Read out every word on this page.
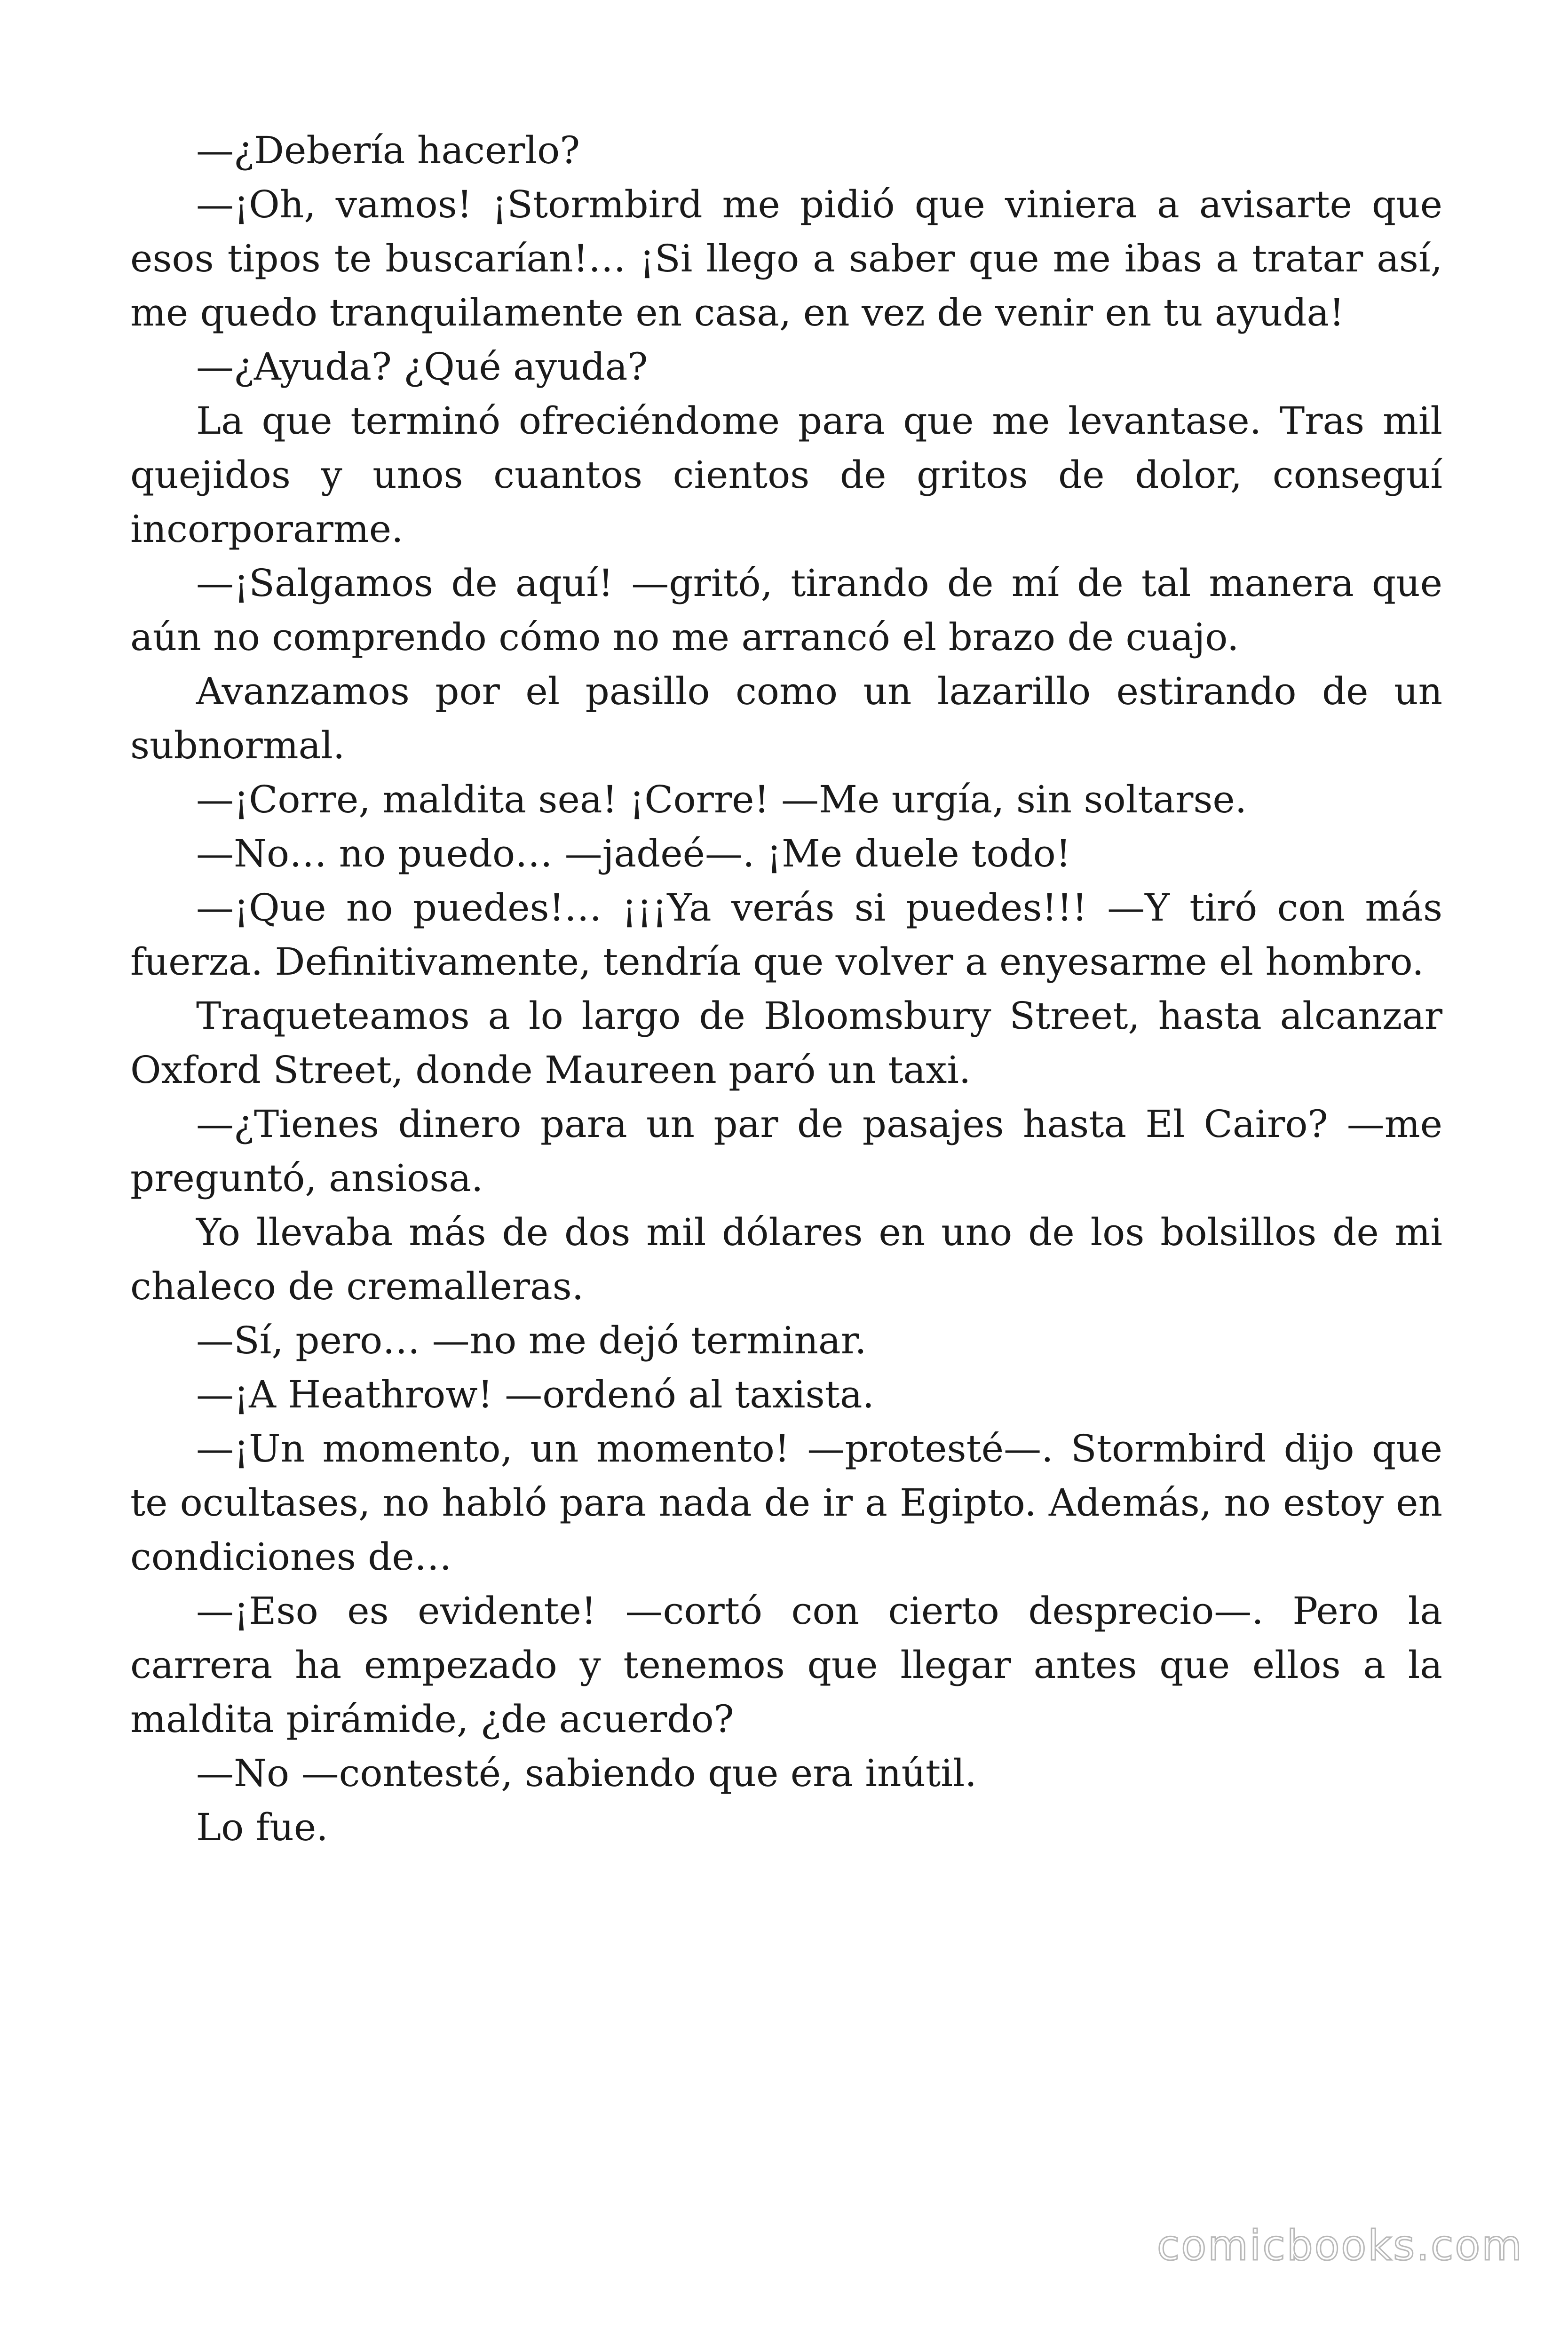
—¿Debería hacerlo?

—¡Oh, vamos! ¡Stormbird me pidió que viniera a avisarte que esos tipos te buscarían!… ¡Si llego a saber que me ibas a tratar así, me quedo tranquilamente en casa, en vez de venir en tu ayuda!

—¿Ayuda? ¿Qué ayuda?

La que terminó ofreciéndome para que me levantase. Tras mil quejidos y unos cuantos cientos de gritos de dolor, conseguí incorporarme.

—¡Salgamos de aquí! —gritó, tirando de mí de tal manera que aún no comprendo cómo no me arrancó el brazo de cuajo.

Avanzamos por el pasillo como un lazarillo estirando de un subnormal.

—¡Corre, maldita sea! ¡Corre! —Me urgía, sin soltarse.

—No… no puedo… —jadeé—. ¡Me duele todo!

—¡Que no puedes!… ¡¡¡Ya verás si puedes!!! —Y tiró con más fuerza. Definitivamente, tendría que volver a enyesarme el hombro.

Traqueteamos a lo largo de Bloomsbury Street, hasta alcanzar Oxford Street, donde Maureen paró un taxi.

—¿Tienes dinero para un par de pasajes hasta El Cairo? —me preguntó, ansiosa.

Yo llevaba más de dos mil dólares en uno de los bolsillos de mi chaleco de cremalleras.

—Sí, pero… —no me dejó terminar.

—¡A Heathrow! —ordenó al taxista.

—¡Un momento, un momento! —protesté—. Stormbird dijo que te ocultases, no habló para nada de ir a Egipto. Además, no estoy en condiciones de…

—¡Eso es evidente! —cortó con cierto desprecio—. Pero la carrera ha empezado y tenemos que llegar antes que ellos a la maldita pirámide, ¿de acuerdo?

—No —contesté, sabiendo que era inútil.

Lo fue.

comicbooks.com
